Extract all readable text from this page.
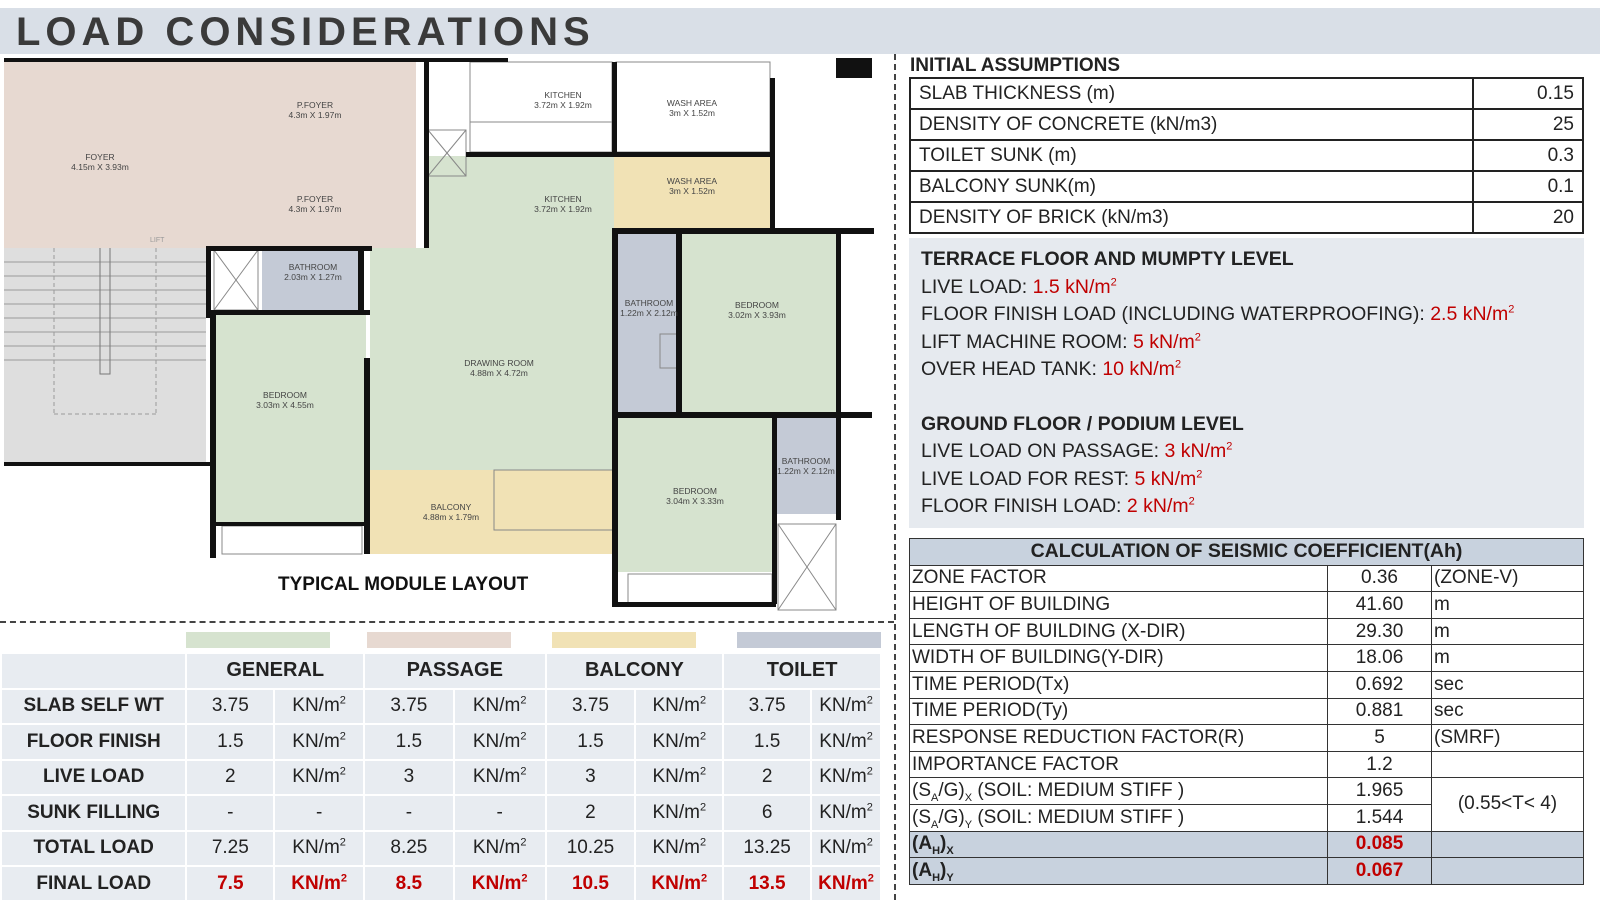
LOAD CONSIDERATIONS
FOYER
4.15m X 3.93m
P.FOYER
4.3m X 1.97m
P.FOYER
4.3m X 1.97m
KITCHEN
3.72m X 1.92m
KITCHEN
3.72m X 1.92m
WASH AREA
3m X 1.52m
WASH AREA
3m X 1.52m
BATHROOM
2.03m X 1.27m
BATHROOM
1.22m X 2.12m
BEDROOM
3.02m X 3.93m
DRAWING ROOM
4.88m X 4.72m
BEDROOM
3.03m X 4.55m
BALCONY
4.88m x 1.79m
BEDROOM
3.04m X 3.33m
BATHROOM
1.22m X 2.12m
LIFT
TYPICAL MODULE LAYOUT
	GENERAL		PASSAGE		BALCONY		TOILET	
SLAB SELF WT	3.75	$KN/m^2$	3.75	$KN/m^2$	3.75	$KN/m^2$	3.75	$KN/m^2$
FLOOR FINISH	1.5	$KN/m^2$	1.5	$KN/m^2$	1.5	$KN/m^2$	1.5	$KN/m^2$
LIVE LOAD	2	$KN/m^2$	3	$KN/m^2$	3	$KN/m^2$	2	$KN/m^2$
SUNK FILLING	-	-	-	-	2	$KN/m^2$	6	$KN/m^2$
TOTAL LOAD	7.25	$KN/m^2$	8.25	$KN/m^2$	10.25	$KN/m^2$	13.25	$KN/m^2$
FINAL LOAD	7.5	$KN/m^2$	8.5	$KN/m^2$	10.5	$KN/m^2$	13.5	$KN/m^2$
INITIAL ASSUMPTIONS
SLAB THICKNESS (m)	0.15
DENSITY OF CONCRETE (kN/m3)	25
TOILET SUNK (m)	0.3
BALCONY SUNK(m)	0.1
DENSITY OF BRICK (kN/m3)	20
TERRACE FLOOR AND MUMPTY LEVEL
LIVE LOAD: 1.5 $kN/m^2$
FLOOR FINISH LOAD (INCLUDING WATERPROOFING): 2.5 $kN/m^2$
LIFT MACHINE ROOM: 5 $kN/m^2$
OVER HEAD TANK: 10 $kN/m^2$
GROUND FLOOR / PODIUM LEVEL
LIVE LOAD ON PASSAGE: 3 $kN/m^2$
LIVE LOAD FOR REST: 5 $kN/m^2$
FLOOR FINISH LOAD: 2 $kN/m^2$
CALCULATION OF SEISMIC COEFFICIENT(Ah)		
ZONE FACTOR	0.36	(ZONE-V)
HEIGHT OF BUILDING	41.60	m
LENGTH OF BUILDING (X-DIR)	29.30	m
WIDTH OF BUILDING(Y-DIR)	18.06	m
TIME PERIOD(Tx)	0.692	sec
TIME PERIOD(Ty)	0.881	sec
RESPONSE REDUCTION FACTOR(R)	5	(SMRF)
IMPORTANCE FACTOR	1.2	
$(S_A/G)_X$ (SOIL: MEDIUM STIFF )	1.965	(0.55<T< 4)
$(S_A/G)_Y$ (SOIL: MEDIUM STIFF )	1.544	
$(A_H)_X$	0.085	
$(A_H)_Y$	0.067	
